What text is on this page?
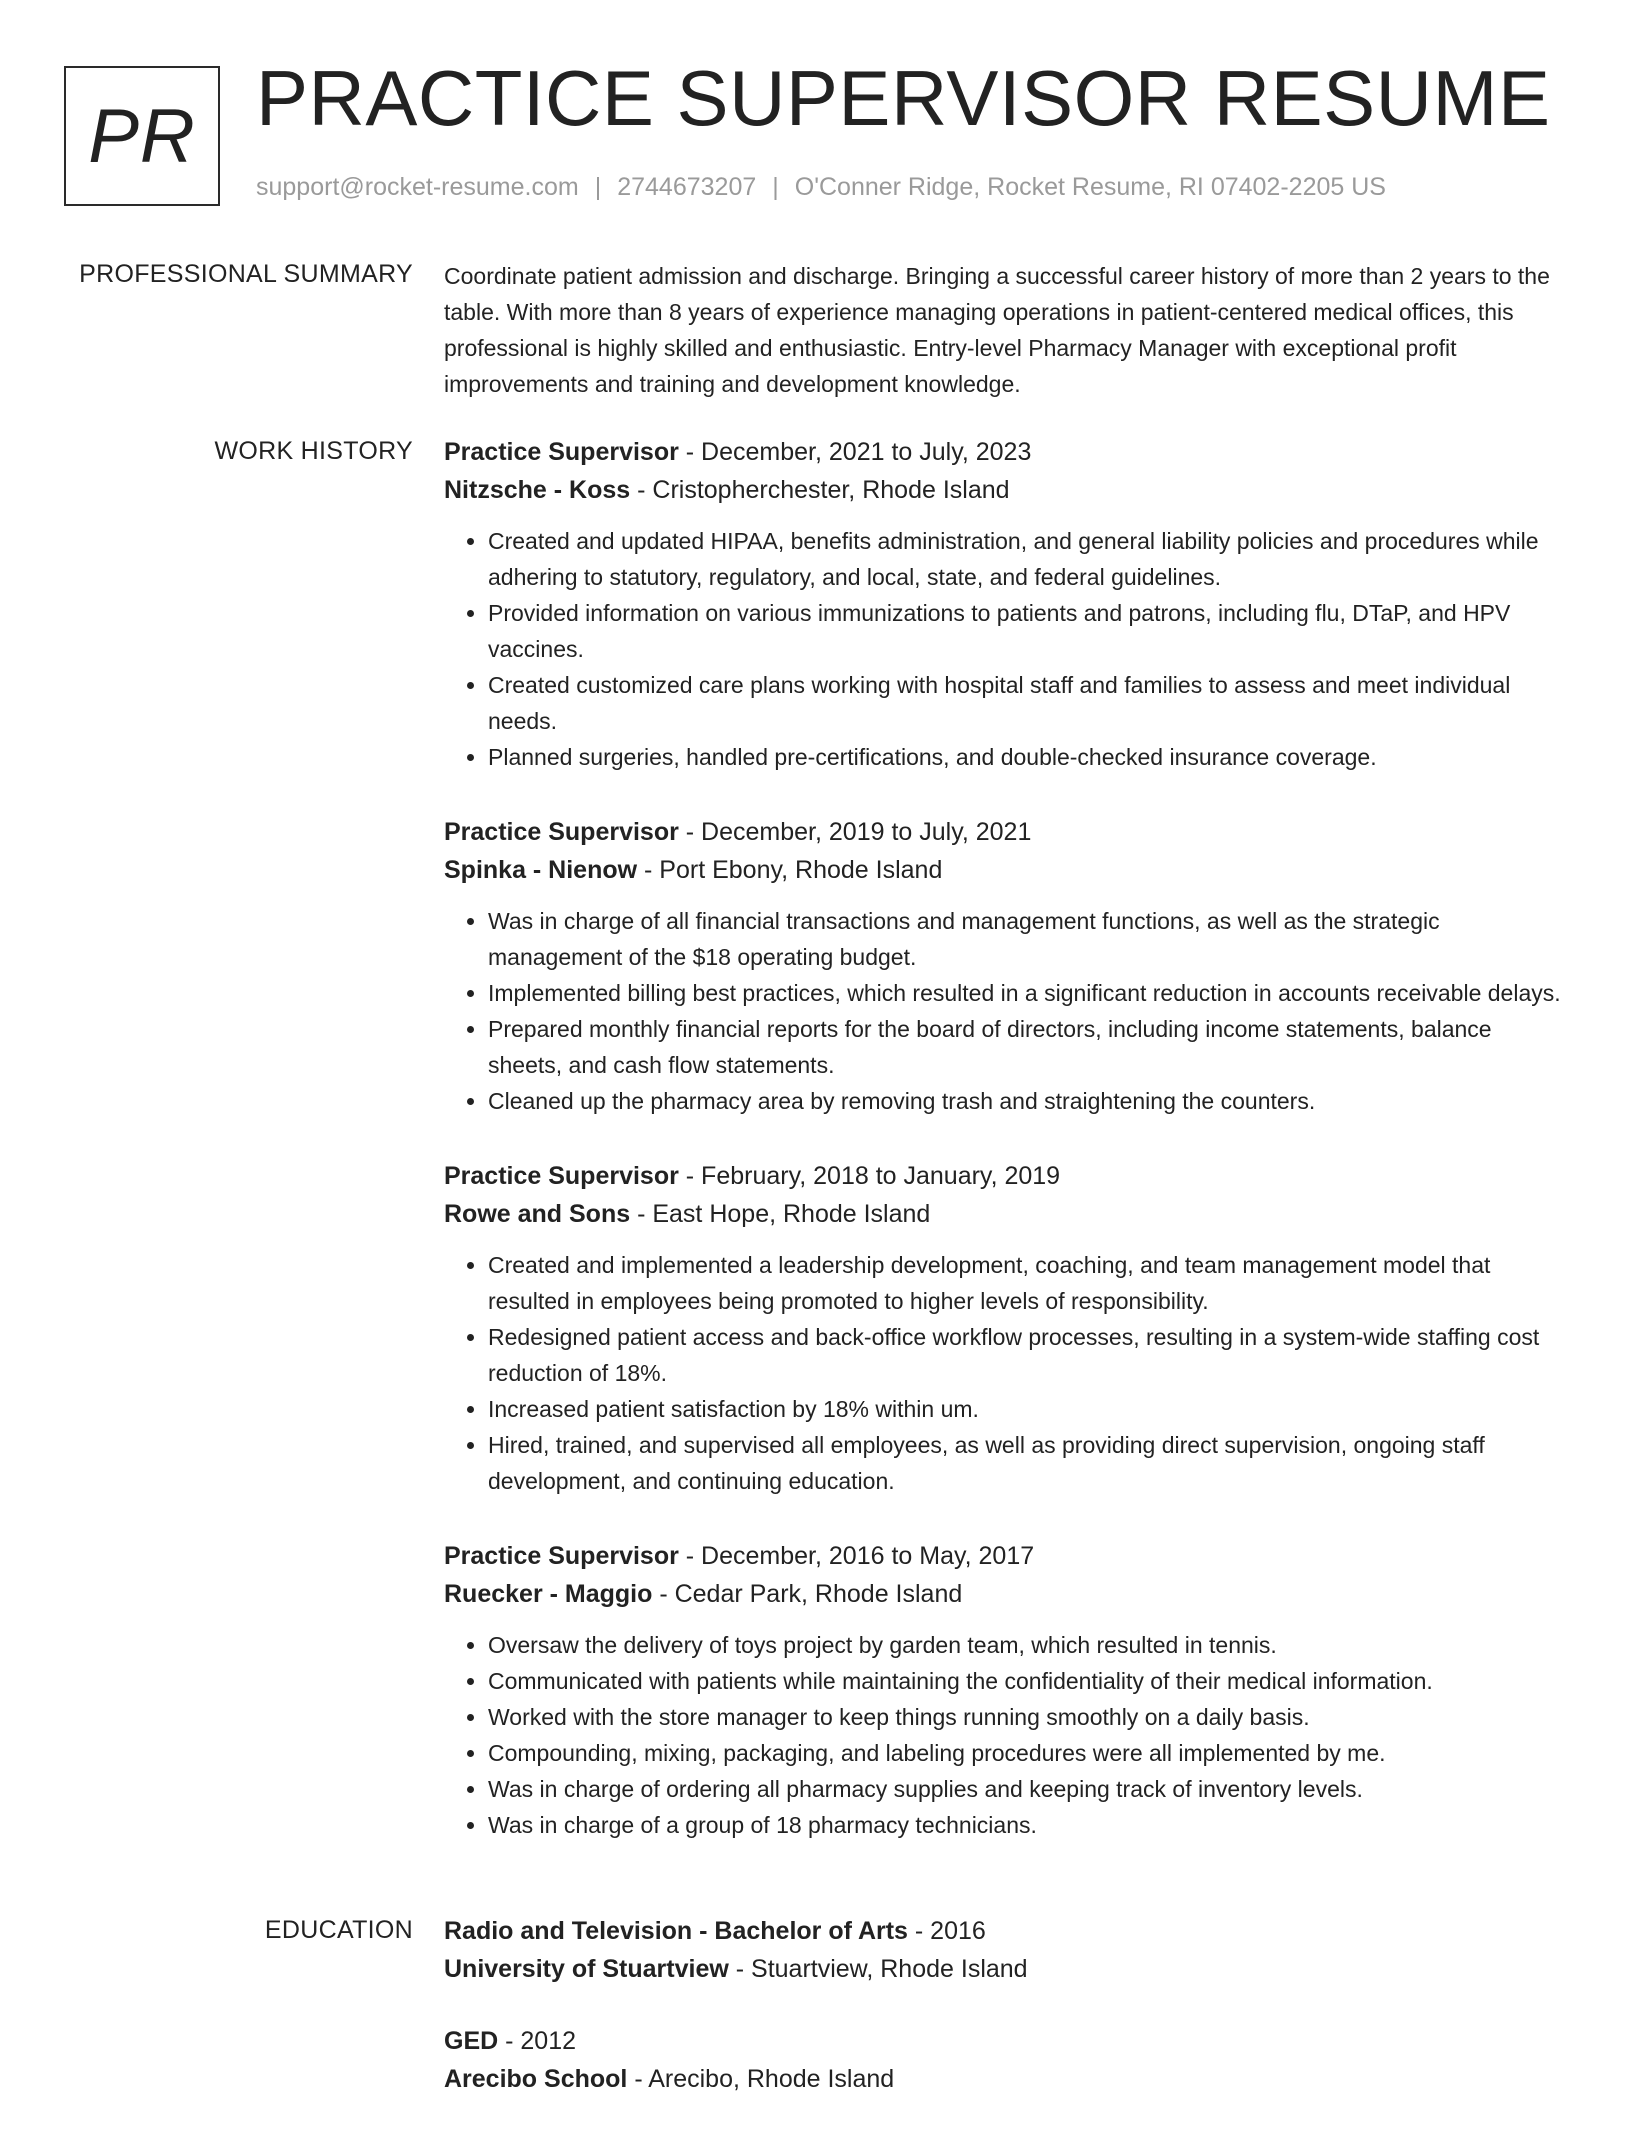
PR PRACTICE SUPERVISOR RESUME
support@rocket-resume.com | 2744673207 | O'Conner Ridge, Rocket Resume, RI 07402-2205 US
PROFESSIONAL SUMMARY Coordinate patient admission and discharge. Bringing a successful career history of more than 2 years to the table. With more than 8 years of experience managing operations in patient-centered medical offices, this professional is highly skilled and enthusiastic. Entry-level Pharmacy Manager with exceptional profit improvements and training and development knowledge.

WORK HISTORY Practice Supervisor - December, 2021 to July, 2023
Nitzsche - Koss - Cristopherchester, Rhode Island
• Created and updated HIPAA, benefits administration, and general liability policies and procedures while adhering to statutory, regulatory, and local, state, and federal guidelines.
• Provided information on various immunizations to patients and patrons, including flu, DTaP, and HPV vaccines.
• Created customized care plans working with hospital staff and families to assess and meet individual needs.
• Planned surgeries, handled pre-certifications, and double-checked insurance coverage.
Practice Supervisor - December, 2019 to July, 2021
Spinka - Nienow - Port Ebony, Rhode Island
• Was in charge of all financial transactions and management functions, as well as the strategic management of the $18 operating budget.
• Implemented billing best practices, which resulted in a significant reduction in accounts receivable delays.
• Prepared monthly financial reports for the board of directors, including income statements, balance sheets, and cash flow statements.
• Cleaned up the pharmacy area by removing trash and straightening the counters.
Practice Supervisor - February, 2018 to January, 2019
Rowe and Sons - East Hope, Rhode Island
• Created and implemented a leadership development, coaching, and team management model that resulted in employees being promoted to higher levels of responsibility.
• Redesigned patient access and back-office workflow processes, resulting in a system-wide staffing cost reduction of 18%.
• Increased patient satisfaction by 18% within um.
• Hired, trained, and supervised all employees, as well as providing direct supervision, ongoing staff development, and continuing education.
Practice Supervisor - December, 2016 to May, 2017
Ruecker - Maggio - Cedar Park, Rhode Island
• Oversaw the delivery of toys project by garden team, which resulted in tennis.
• Communicated with patients while maintaining the confidentiality of their medical information.
• Worked with the store manager to keep things running smoothly on a daily basis.
• Compounding, mixing, packaging, and labeling procedures were all implemented by me.
• Was in charge of ordering all pharmacy supplies and keeping track of inventory levels.
• Was in charge of a group of 18 pharmacy technicians.
EDUCATION Radio and Television - Bachelor of Arts - 2016
University of Stuartview - Stuartview, Rhode Island
GED - 2012
Arecibo School - Arecibo, Rhode Island
